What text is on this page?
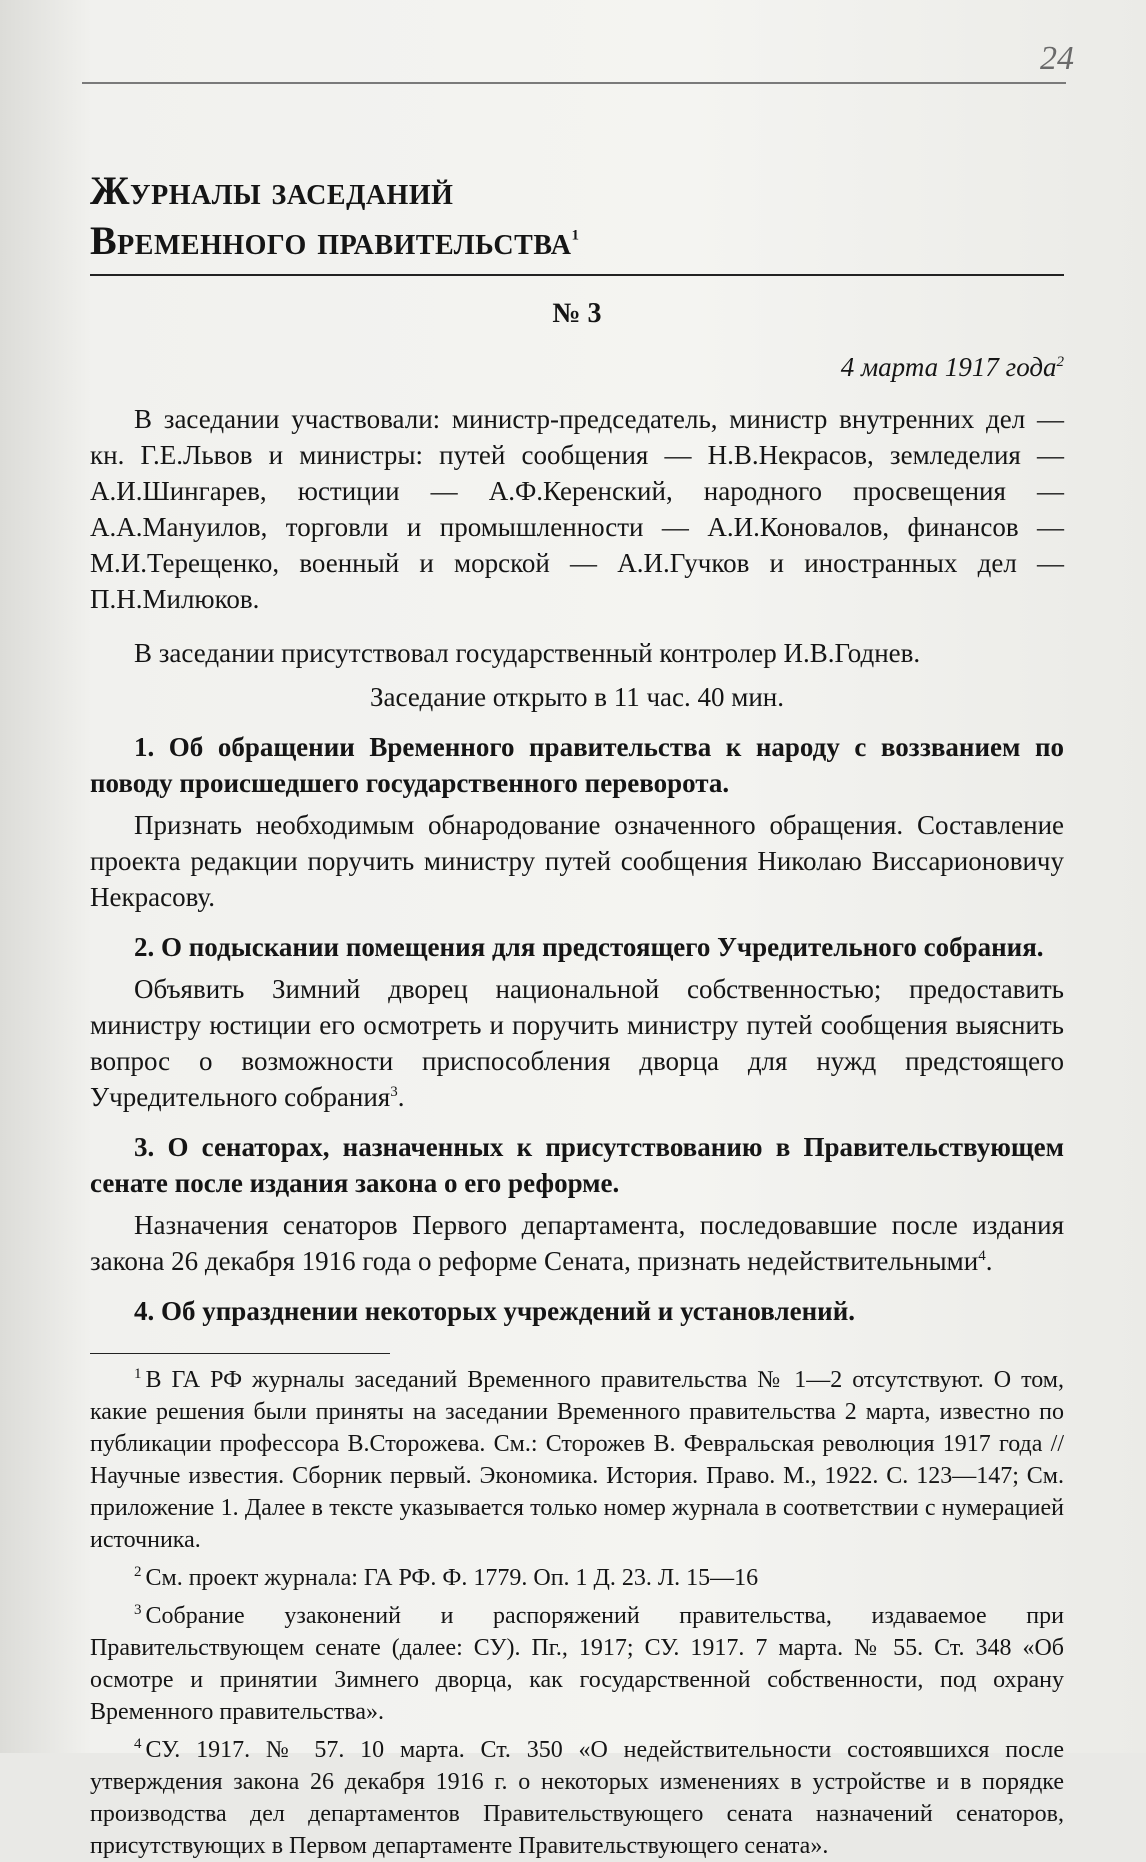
24
Журналы заседаний
Временного правительства$^1$
№ 3
4 марта 1917 года$^2$

В заседании участвовали: министр-председатель, министр внутренних дел — кн. Г.Е.Львов и министры: путей сообщения — Н.В.Некрасов, земледелия — А.И.Шингарев, юстиции — А.Ф.Керенский, народного просвещения — А.А.Мануилов, торговли и промышленности — А.И.Коновалов, финансов — М.И.Терещенко, военный и морской — А.И.Гучков и иностранных дел — П.Н.Милюков.

В заседании присутствовал государственный контролер И.В.Годнев.

Заседание открыто в 11 час. 40 мин.

1. Об обращении Временного правительства к народу с воззванием по поводу происшедшего государственного переворота.

Признать необходимым обнародование означенного обращения. Составление проекта редакции поручить министру путей сообщения Николаю Виссарионовичу Некрасову.

2. О подыскании помещения для предстоящего Учредительного собрания.

Объявить Зимний дворец национальной собственностью; предоставить министру юстиции его осмотреть и поручить министру путей сообщения выяснить вопрос о возможности приспособления дворца для нужд предстоящего Учредительного собрания$^3$.

3. О сенаторах, назначенных к присутствованию в Правительствующем сенате после издания закона о его реформе.

Назначения сенаторов Первого департамента, последовавшие после издания закона 26 декабря 1916 года о реформе Сената, признать недействительными$^4$.

4. Об упразднении некоторых учреждений и установлений.

$^1$ В ГА РФ журналы заседаний Временного правительства № 1—2 отсутствуют. О том, какие решения были приняты на заседании Временного правительства 2 марта, известно по публикации профессора В.Сторожева. См.: Сторожев В. Февральская революция 1917 года // Научные известия. Сборник первый. Экономика. История. Право. М., 1922. С. 123—147; См. приложение 1. Далее в тексте указывается только номер журнала в соответствии с нумерацией источника.

$^2$ См. проект журнала: ГА РФ. Ф. 1779. Оп. 1 Д. 23. Л. 15—16

$^3$ Собрание узаконений и распоряжений правительства, издаваемое при Правительствующем сенате (далее: СУ). Пг., 1917; СУ. 1917. 7 марта. № 55. Ст. 348 «Об осмотре и принятии Зимнего дворца, как государственной собственности, под охрану Временного правительства».

$^4$ СУ. 1917. № 57. 10 марта. Ст. 350 «О недействительности состоявшихся после утверждения закона 26 декабря 1916 г. о некоторых изменениях в устройстве и в порядке производства дел департаментов Правительствующего сената назначений сенаторов, присутствующих в Первом департаменте Правительствующего сената».
